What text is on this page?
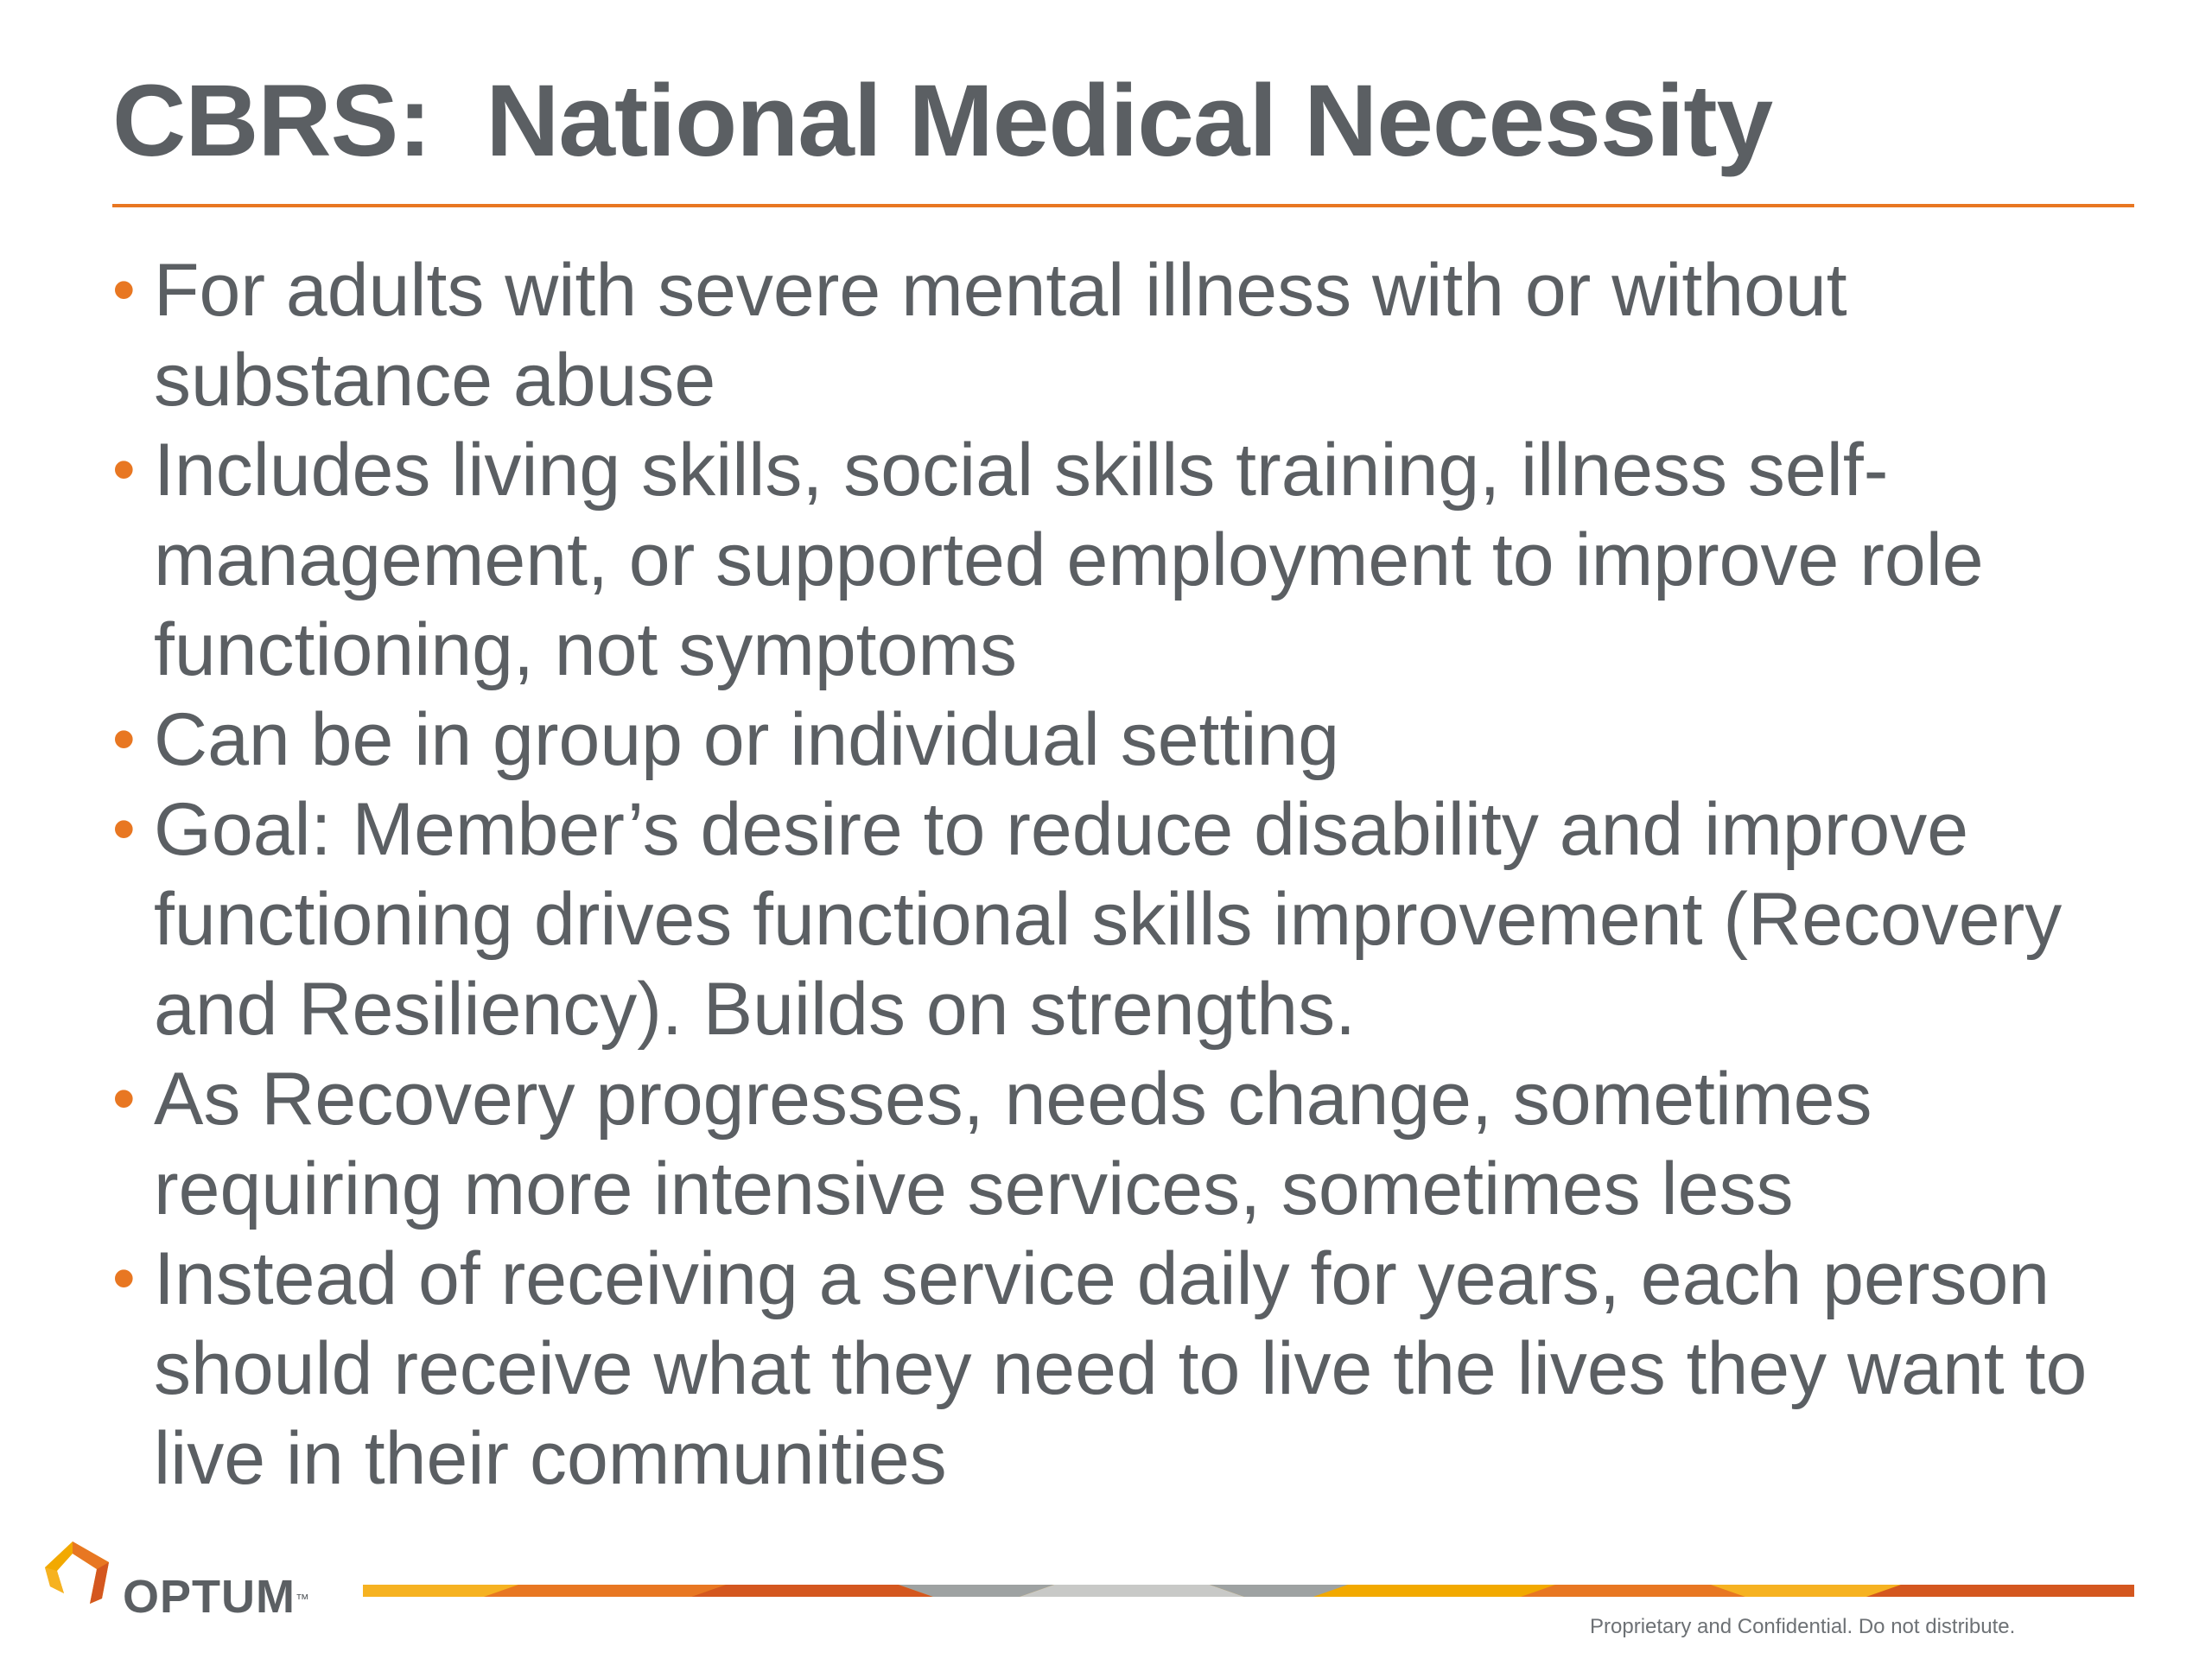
CBRS:  National Medical Necessity
• For adults with severe mental illness with or without substance abuse
• Includes living skills, social skills training, illness self-management, or supported employment to improve role functioning, not symptoms
• Can be in group or individual setting
• Goal: Member’s desire to reduce disability and improve functioning drives functional skills improvement (Recovery and Resiliency). Builds on strengths.
• As Recovery progresses, needs change, sometimes requiring more intensive services, sometimes less
• Instead of receiving a service daily for years, each person should receive what they need to live the lives they want to live in their communities
OPTUM™
Proprietary and Confidential. Do not distribute.
